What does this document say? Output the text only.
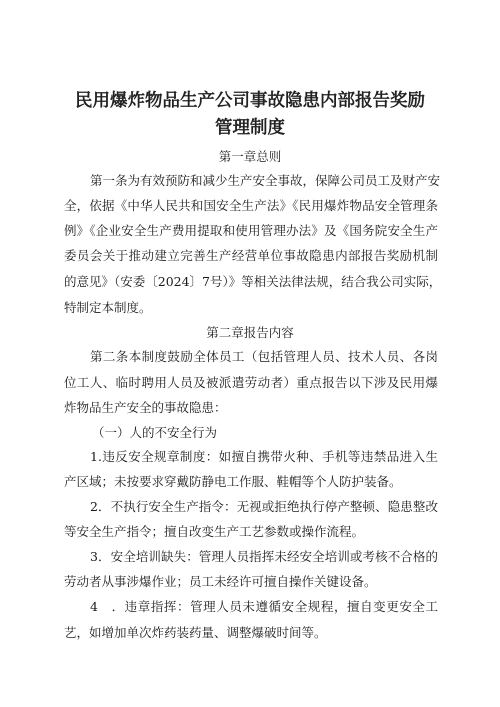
民用爆炸物品生产公司事故隐患内部报告奖励
管理制度

第一章总则

第一条为有效预防和减少生产安全事故，保障公司员工及财产安

全，依据《中华人民共和国安全生产法》《民用爆炸物品安全管理条

例》《企业安全生产费用提取和使用管理办法》及《国务院安全生产

委员会关于推动建立完善生产经营单位事故隐患内部报告奖励机制

的意见》（安委〔2024〕7号）》等相关法律法规，结合我公司实际，

特制定本制度。

第二章报告内容

第二条本制度鼓励全体员工（包括管理人员、技术人员、各岗

位工人、临时聘用人员及被派遣劳动者）重点报告以下涉及民用爆

炸物品生产安全的事故隐患：

（一）人的不安全行为

1.违反安全规章制度：如擅自携带火种、手机等违禁品进入生

产区域；未按要求穿戴防静电工作服、鞋帽等个人防护装备。

2．不执行安全生产指令：无视或拒绝执行停产整顿、隐患整改

等安全生产指令；擅自改变生产工艺参数或操作流程。

3．安全培训缺失：管理人员指挥未经安全培训或考核不合格的

劳动者从事涉爆作业；员工未经许可擅自操作关键设备。

4　．违章指挥：管理人员未遵循安全规程，擅自变更安全工

艺，如增加单次炸药装药量、调整爆破时间等。
